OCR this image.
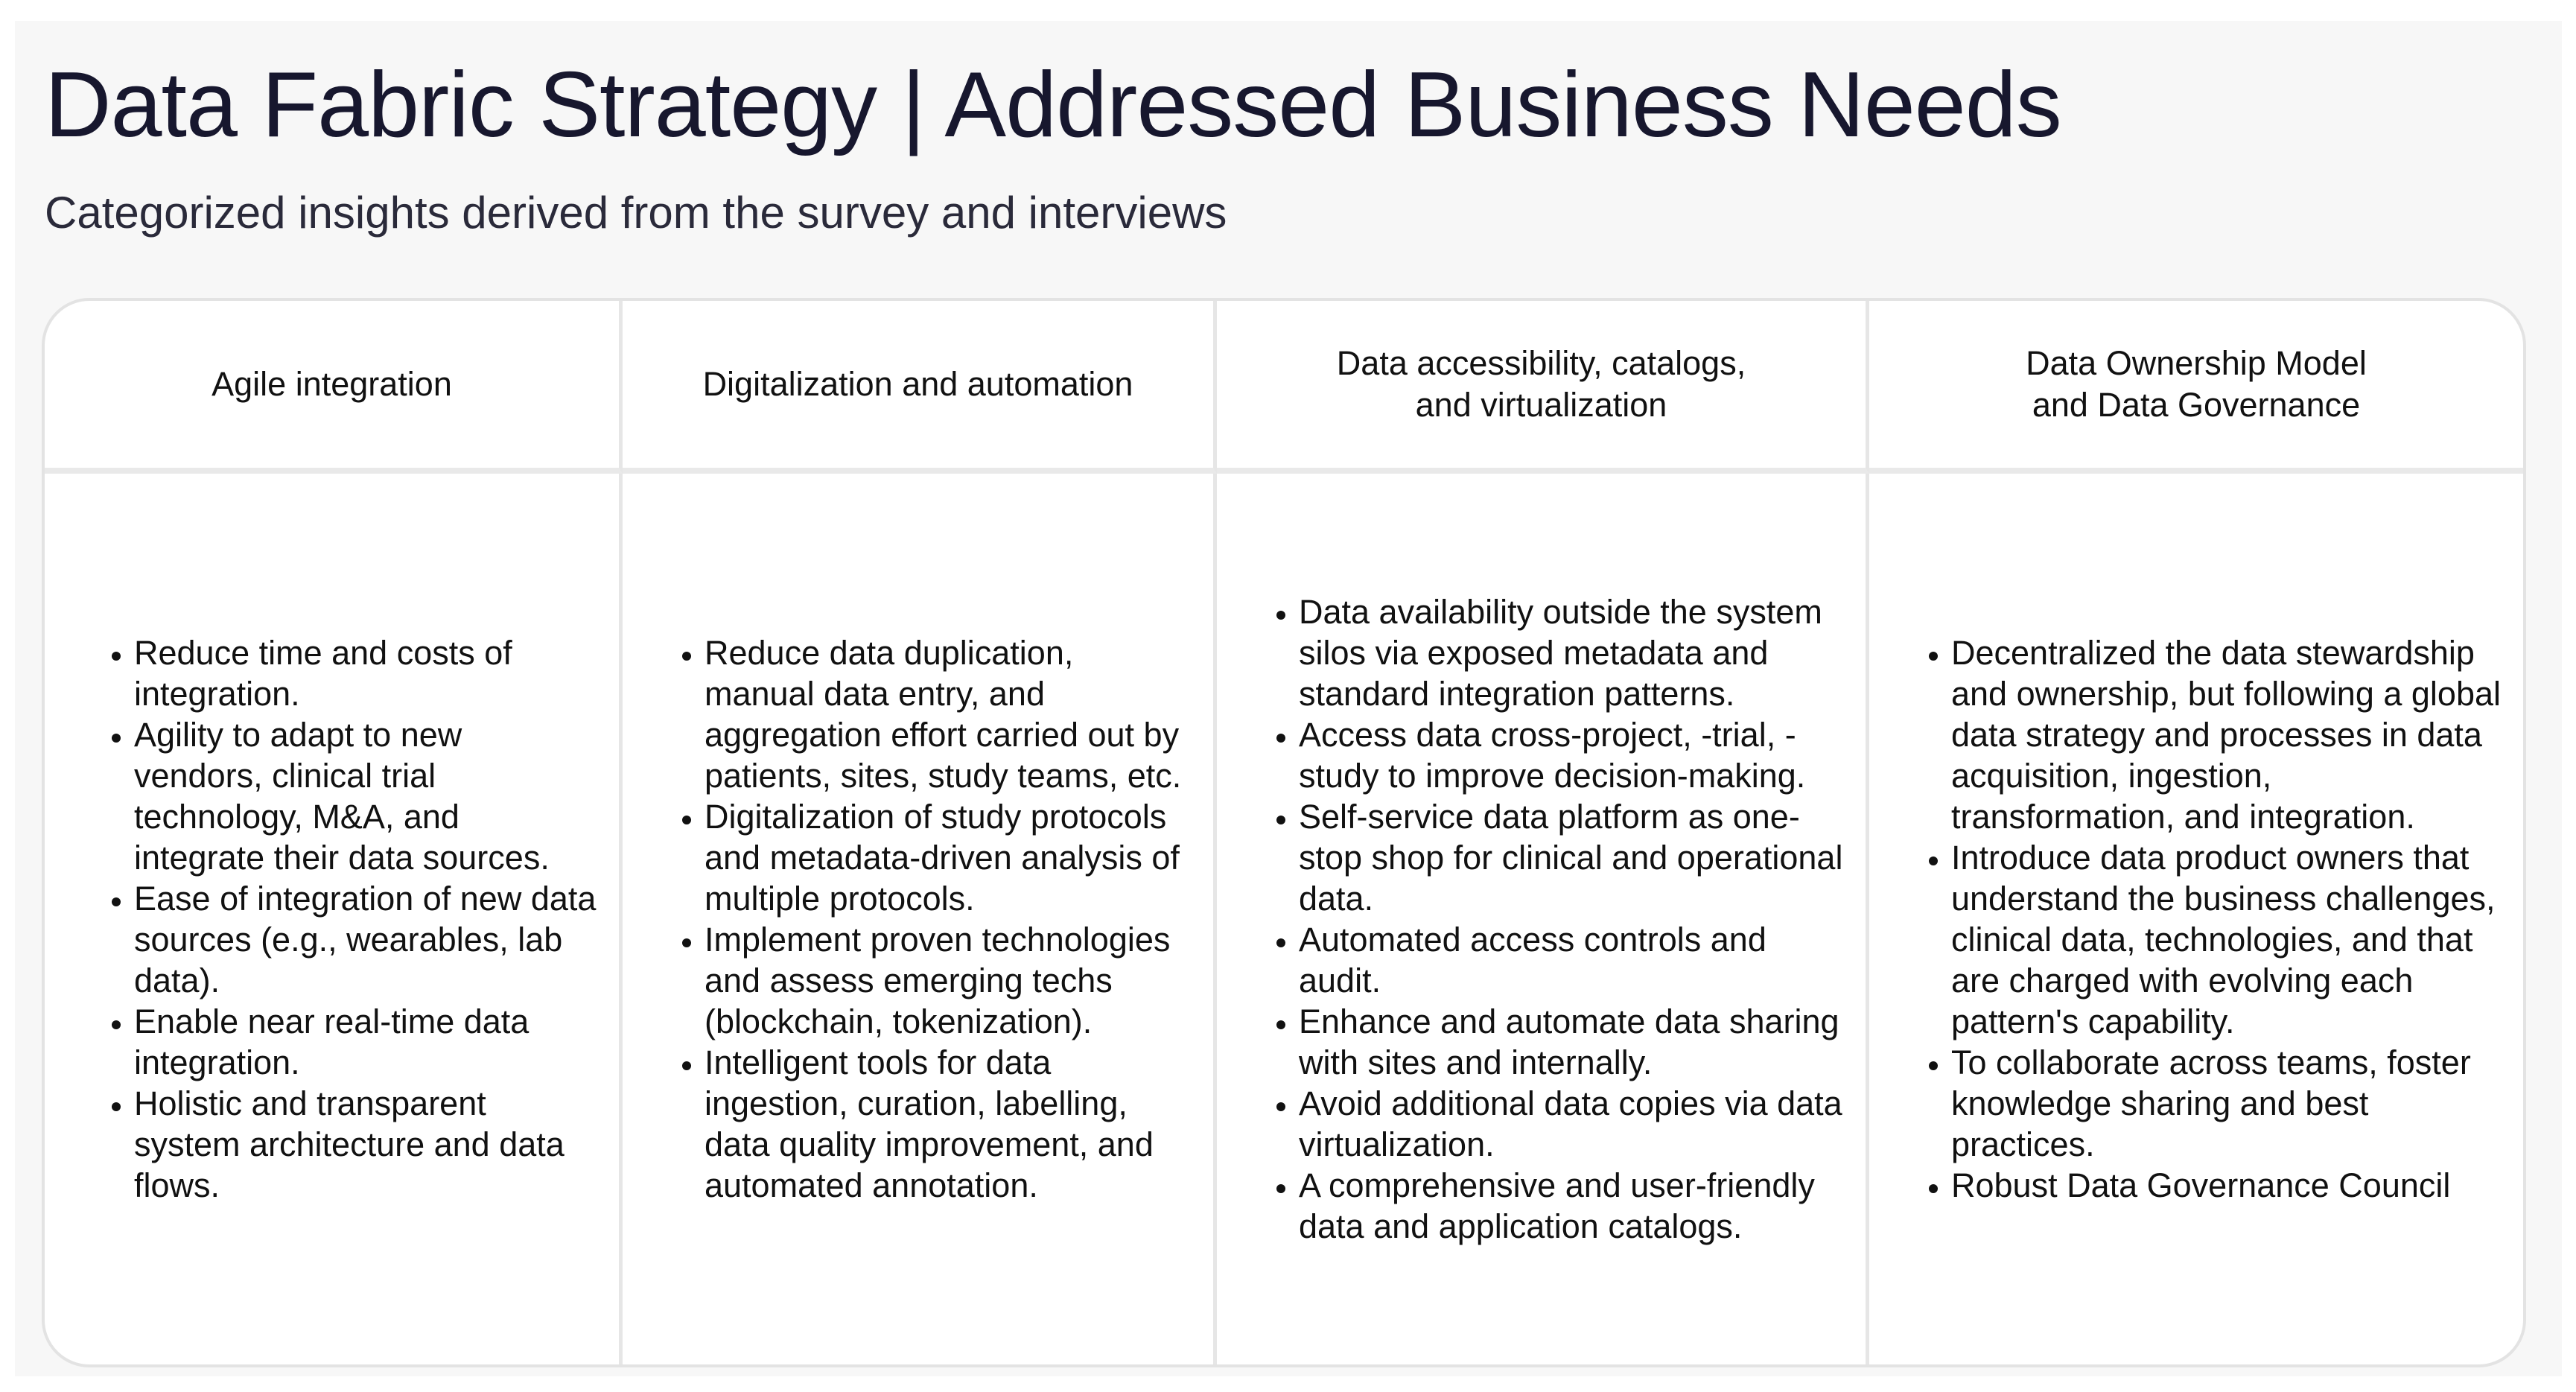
Data Fabric Strategy | Addressed Business Needs

Categorized insights derived from the survey and interviews

Agile integration	Digitalization and automation
Data accessibility, catalogs, and virtualization
Data Ownership Model and Data Governance
• Reduce time and costs of integration.
• Agility to adapt to new vendors, clinical trial technology, M&A, and integrate their data sources.
• Ease of integration of new data sources (e.g., wearables, lab data).
• Enable near real-time data integration.
• Holistic and transparent system architecture and data flows.
• Reduce data duplication, manual data entry, and aggregation effort carried out by patients, sites, study teams, etc.
• Digitalization of study protocols and metadata-driven analysis of multiple protocols.
• Implement proven technologies and assess emerging techs (blockchain, tokenization).
• Intelligent tools for data ingestion, curation, labelling, data quality improvement, and automated annotation.
• Data availability outside the system silos via exposed metadata and standard integration patterns.
• Access data cross-project, -trial, -study to improve decision-making.
• Self-service data platform as one-stop shop for clinical and operational data.
• Automated access controls and audit.
• Enhance and automate data sharing with sites and internally.
• Avoid additional data copies via data virtualization.
• A comprehensive and user-friendly data and application catalogs.
• Decentralized the data stewardship and ownership, but following a global data strategy and processes in data acquisition, ingestion, transformation, and integration.
• Introduce data product owners that understand the business challenges, clinical data, technologies, and that are charged with evolving each pattern's capability.
• To collaborate across teams, foster knowledge sharing and best practices.
• Robust Data Governance Council
